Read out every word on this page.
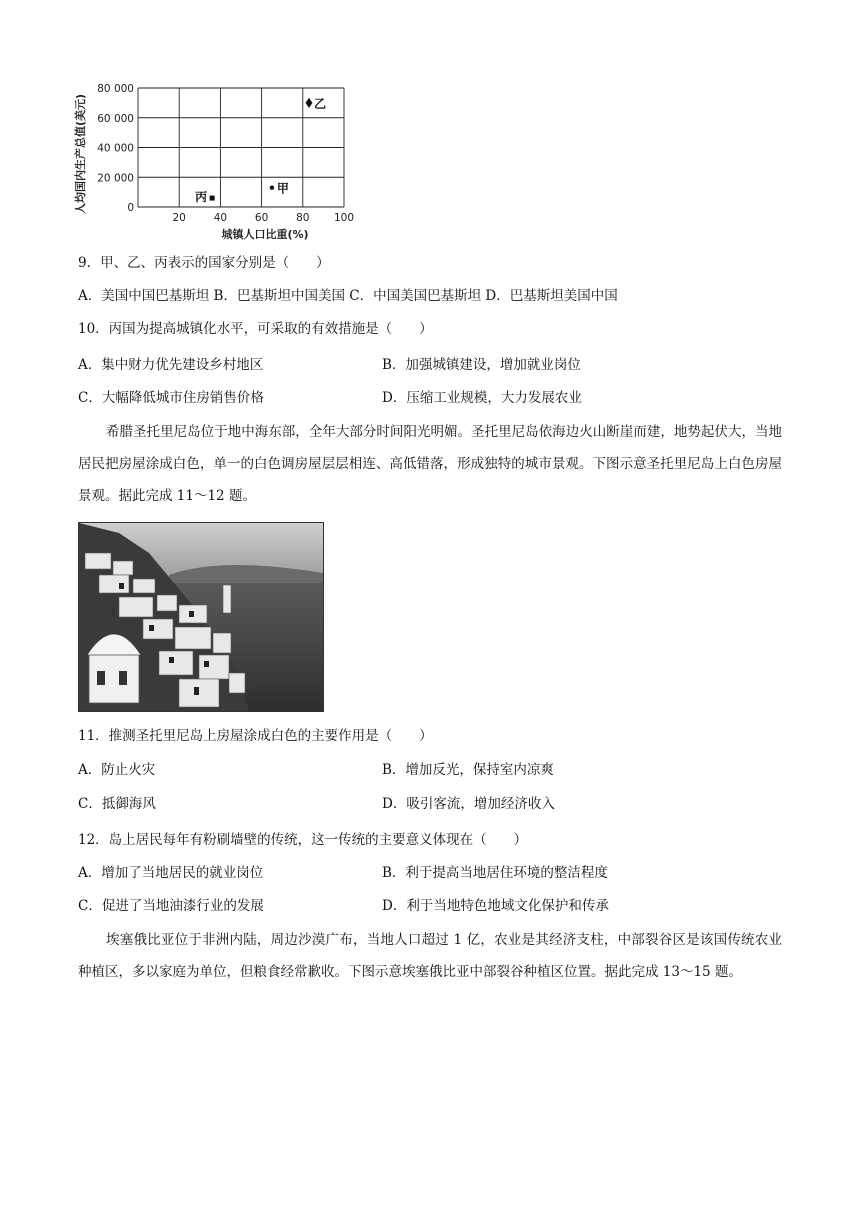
人均国内生产总值(美元)
城镇人口比重(%)
80 000
60 000
40 000
20 000
0
20	40	60	80 100
乙
甲
丙
9．甲、乙、丙表示的国家分别是（　　）
A．美国中国巴基斯坦 B．巴基斯坦中国美国 C．中国美国巴基斯坦 D．巴基斯坦美国中国
10．丙国为提高城镇化水平，可采取的有效措施是（　　）
A．集中财力优先建设乡村地区	B．加强城镇建设，增加就业岗位
C．大幅降低城市住房销售价格	D．压缩工业规模，大力发展农业
希腊圣托里尼岛位于地中海东部，全年大部分时间阳光明媚。圣托里尼岛依海边火山断崖而建，地势起伏大，当地居民把房屋涂成白色，单一的白色调房屋层层相连、高低错落，形成独特的城市景观。下图示意圣托里尼岛上白色房屋景观。据此完成 11～12 题。
11．推测圣托里尼岛上房屋涂成白色的主要作用是（　　）
A．防止火灾	B．增加反光，保持室内凉爽
C．抵御海风	D．吸引客流，增加经济收入
12．岛上居民每年有粉刷墙壁的传统，这一传统的主要意义体现在（　　）
A．增加了当地居民的就业岗位	B．利于提高当地居住环境的整洁程度
C．促进了当地油漆行业的发展	D．利于当地特色地域文化保护和传承
埃塞俄比亚位于非洲内陆，周边沙漠广布，当地人口超过 1 亿，农业是其经济支柱，中部裂谷区是该国传统农业种植区，多以家庭为单位，但粮食经常歉收。下图示意埃塞俄比亚中部裂谷种植区位置。据此完成 13～15 题。
